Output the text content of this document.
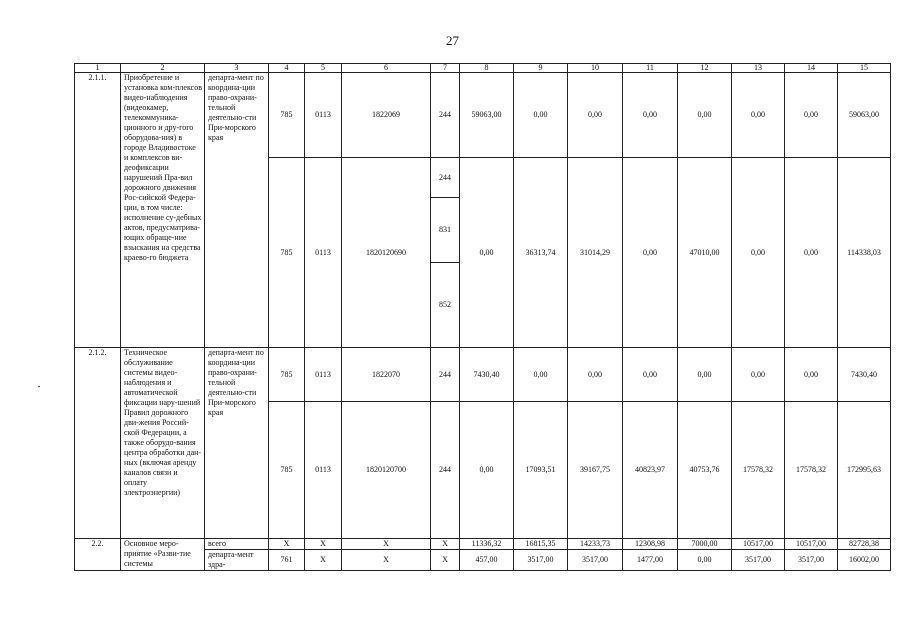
27
1	2	3	4	5	6	7	8	9	10	11	12	13	14	15
2.1.1.	Приобретение и установка ком-плексов видео-наблюдения (видеокамер, телекоммуника-ционного и дру-гого оборудова-ния) в городе Владивостоке и комплексов ви-деофиксации нарушений Пра-вил дорожного движения Рос-сийской Федера-ции, в том числе: исполнение су-дебных актов, предусматрива-ющих обраще-ние взыскания на средства краево-го бюджета	департа-мент по координа-ции право-охрани-тельной деятельно-сти При-морского края	785	0113	1822069	244	59063,00	0,00	0,00	0,00	0,00	0,00	0,00	59063,00
			785	0113	1820120690	244	0,00	36313,74	31014,29	0,00	47010,00	0,00	0,00	114338,03
						831								
						852								
2.1.2.	Техническое обслуживание системы видео-наблюдения и автоматической фиксации нару-шений Правил дорожного дви-жения Россий-ской Федерации, а также оборудо-вания центра обработки дан-ных (включая аренду каналов связи и оплату электроэнергии)	департа-мент по координа-ции право-охрани-тельной деятельно-сти При-морского края	785	0113	1822070	244	7430,40	0,00	0,00	0,00	0,00	0,00	0,00	7430,40
			785	0113	1820120700	244	0,00	17093,51	39167,75	40823,97	40753,76	17578,32	17578,32	172995,63
2.2.	Основное меро-приятие «Разви-тие системы	всего	X	X	X	X	11336,32	16815,35	14233,73	12308,98	7000,00	10517,00	10517,00	82728,38
		департа-мент здра-	761	X	X	X	457,00	3517,00	3517,00	1477,00	0,00	3517,00	3517,00	16002,00
